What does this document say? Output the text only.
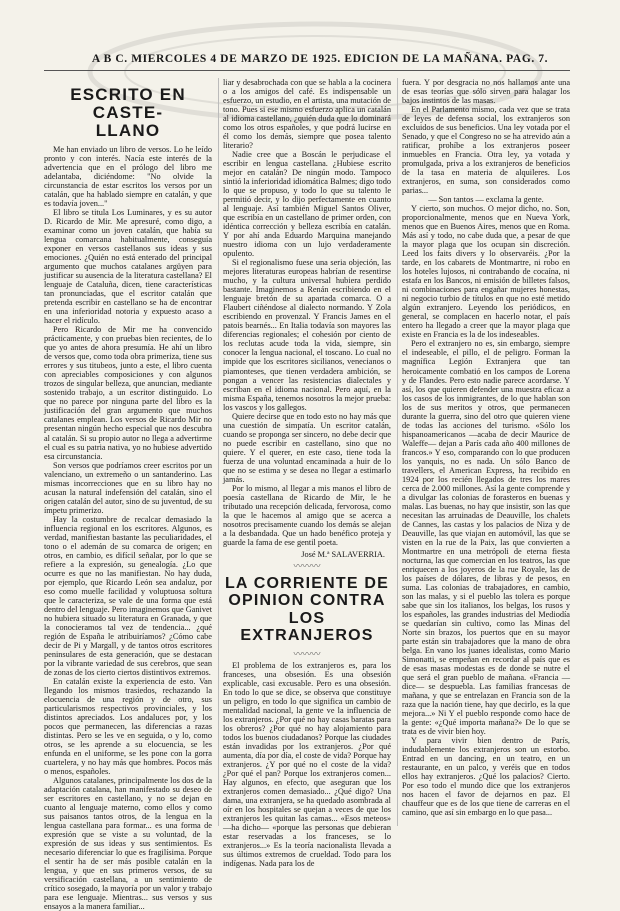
A B C. MIERCOLES 4 DE MARZO DE 1925. EDICION DE LA MAÑANA. PAG. 7.
ESCRITO EN CASTE-
LLANO

Me han enviado un libro de versos. Lo he leído pronto y con interés. Nacía este interés de la advertencia que en el prólogo del libro me adelantaba, diciéndome: "No olvide la circunstancia de estar escritos los versos por un catalán, que ha hablado siempre en catalán, y que es todavía joven..."

El libro se titula Los Luminares, y es su autor D. Ricardo de Mir. Me apresuré, como digo, a examinar como un joven catalán, que había su lengua comarcana habitualmente, conseguía exponer en versos castellanos sus ideas y sus emociones. ¿Quién no está enterado del principal argumento que muchos catalanes argüyen para justificar su ausencia de la literatura castellana? El lenguaje de Cataluña, dicen, tiene características tan pronunciadas, que el escritor catalán que pretenda escribir en castellano se ha de encontrar en una inferioridad notoria y expuesto acaso a hacer el ridículo.

Pero Ricardo de Mir me ha convencido prácticamente, y con pruebas bien recientes, de lo que yo antes de ahora presumía. He ahí un libro de versos que, como toda obra primeriza, tiene sus errores y sus titubeos, junto a este, el libro cuenta con apreciables composiciones y con algunos trozos de singular belleza, que anuncian, mediante sostenido trabajo, a un escritor distinguido. Lo que no parece por ninguna parte del libro es la justificación del gran argumento que muchos catalanes emplean. Los versos de Ricardo Mir no presentan ningún hecho especial que nos descubra al catalán. Si su propio autor no llega a advertirme el cual es su patria nativa, yo no hubiese advertido esa circunstancia.

Son versos que podríamos creer escritos por un valenciano, un extremeño o un santanderino. Las mismas incorrecciones que en su libro hay no acusan la natural indefensión del catalán, sino el origen catalán del autor, sino de su juventud, de su ímpetu primerizo.

Hay la costumbre de recalcar demasiado la influencia regional en los escritores. Algunos, es verdad, manifiestan bastante las peculiaridades, el tono o el ademán de su comarca de origen; en otros, en cambio, es difícil señalar, por lo que se refiere a la expresión, su genealogía. ¿Lo que ocurre es que no las manifiestan. No hay duda, por ejemplo, que Ricardo León sea andaluz, por eso como muelle facilidad y voluptuosa soltura que le caracteriza, se vale de una forma que está dentro del lenguaje. Pero imaginemos que Ganivet no hubiera situado su literatura en Granada, y que la conocieramos tal vez de tendencia... ¿qué región de España le atribuiríamos? ¿Cómo cabe decir de Pi y Margall, y de tantos otros escritores peninsulares de esta generación, que se destacan por la vibrante variedad de sus cerebros, que sean de zonas de los cierto ciertos distintivos extremos.

En catalán existe la experiencia de esto. Van llegando los mismos trasiedos, rechazando la elocuencia de una región y de otro, sus particularismos respectivos provinciales, y los distintos apreciados. Los andaluces por, y los pocos que permanecen, las diferencias a razas distintas. Pero se les ve en seguida, o y lo, como otros, se les aprende a su elocuencia, se les enfunda en el uniforme, se les pone con la gorra cuartelera, y no hay más que hombres. Pocos más o menos, españoles.

Algunos catalanes, principalmente los dos de la adaptación catalana, han manifestado su deseo de ser escritores en castellano, y no se dejan en cuanto al lenguaje materno, como ellos y como sus paisanos tantos otros, de la lengua en la lengua castellana para formar... es una forma de expresión que se viste a su voluntad, de la expresión de sus ideas y sus sentimientos. Es necesario diferenciar lo que es fragilísima. Porque el sentir ha de ser más posible catalán en la lengua, y que en sus primeros versos, de su versificación castellana, a un sentimiento de crítico sosegado, la mayoría por un valor y trabajo para ese lenguaje. Mientras... sus versos y sus ensayos a la manera familiar...

liar y desabrochada con que se habla a la cocinera o a los amigos del café. Es indispensable un esfuerzo, un estudio, en el artista, una mutación de tono. Pues si ese mismo esfuerzo aplica un catalán al idioma castellano, ¿quién duda que lo dominará como los otros españoles, y que podrá lucirse en él como los demás, siempre que posea talento literario?

Nadie cree que a Boscán le perjudicase el escribir en lengua castellana. ¿Hubiese escrito mejor en catalán? De ningún modo. Tampoco sintió la inferioridad idiomática Balmes; digo todo lo que se propuso, y todo lo que su talento le permitió decir, y lo dijo perfectamente en cuanto al lenguaje. Así también Miguel Santos Oliver, que escribía en un castellano de primer orden, con idéntica corrección y belleza escribía en catalán. Y por ahí anda Eduardo Marquina manejando nuestro idioma con un lujo verdaderamente opulento.

Si el regionalismo fuese una seria objeción, las mejores literaturas europeas habrían de resentirse mucho, y la cultura universal hubiera perdido bastante. Imaginemos a Renán escribiendo en el lenguaje bretón de su apartada comarca. O a Flaubert ciñéndose al dialecto normando. Y Zola escribiendo en provenzal. Y Francis James en el patois bearnés... En Italia todavía son mayores las diferencias regionales; el cohesión por ciento de los reclutas acude toda la vida, siempre, sin conocer la lengua nacional, el toscano. Lo cual no impide que los escritores sicilianos, venecianos o piamonteses, que tienen verdadera ambición, se pongan a vencer las resistencias dialectales y escriban en el idioma nacional. Pero aquí, en la misma España, tenemos nosotros la mejor prueba: los vascos y los gallegos.

Quiere decirse que en todo esto no hay más que una cuestión de simpatía. Un escritor catalán, cuando se proponga ser sincero, no debe decir que no puede escribir en castellano, sino que no quiere. Y el querer, en este caso, tiene toda la fuerza de una voluntad encaminada a huir de lo que no se estima y se desea no llegar a estimarlo jamás.

Por lo mismo, al llegar a mis manos el libro de poesía castellana de Ricardo de Mir, le he tributado una recepción delicada, fervorosa, como la que le hacemos al amigo que se acerca a nosotros precisamente cuando los demás se alejan a la desbandada. Que un hado benéfico proteja y guarde la fama de ese gentil poeta.

José M.ª SALAVERRIA.
〰〰〰
LA CORRIENTE DE
OPINION CONTRA LOS
EXTRANJEROS
〰〰〰

El problema de los extranjeros es, para los franceses, una obsesión. Es una obsesión explicable, casi excusable. Pero es una obsesión. En todo lo que se dice, se observa que constituye un peligro, en todo lo que significa un cambio de mentalidad nacional, la gente ve la influencia de los extranjeros. ¿Por qué no hay casas baratas para los obreros? ¿Por qué no hay alojamiento para todos los buenos ciudadanos? Porque las ciudades están invadidas por los extranjeros. ¿Por qué aumenta, día por día, el coste de vida? Porque hay extranjeros. ¿Y por qué no el coste de la vida? ¿Por qué el pan? Porque los extranjeros comen... Hay algunos, en efecto, que aseguran que los extranjeros comen demasiado... ¿Qué digo? Una dama, una extranjera, se ha quedado asombrada al oír en los hospitales se quejan a veces de que los extranjeros les quitan las camas... «Esos meteos» —ha dicho— «porque las personas que debieran estar reservadas a los franceses, se lo extranjeros...» Es la teoría nacionalista llevada a sus últimos extremos de crueldad. Todo para los indígenas. Nada para los de

fuera. Y por desgracia no nos hallamos ante una de esas teorías que sólo sirven para halagar los bajos instintos de las masas.

En el Parlamento mismo, cada vez que se trata de leyes de defensa social, los extranjeros son excluidos de sus beneficios. Una ley votada por el Senado, y que el Congreso no se ha atrevido aún a ratificar, prohíbe a los extranjeros poseer inmuebles en Francia. Otra ley, ya votada y promulgada, priva a los extranjeros de beneficios de la tasa en materia de alquileres. Los extranjeros, en suma, son considerados como parias...

— Son tantos — exclama la gente.

Y cierto, son muchos. O mejor dicho, no. Son, proporcionalmente, menos que en Nueva York, menos que en Buenos Aires, menos que en Roma. Más así y todo, no cabe duda que, a pesar de que la mayor plaga que los ocupan sin discreción. Leed los faits divers y lo observaréis. ¿Por la tarde, en los cabarets de Montmartre, ni robo en los hoteles lujosos, ni contrabando de cocaína, ni estafa en los Bancos, ni emisión de billetes falsos, ni combinaciones para engañar mujeres honestas, ni negocio turbio de títulos en que no esté metido algún extranjero. Leyendo los periódicos, en general, se complacen en hacerlo notar, el país entero ha llegado a creer que la mayor plaga que existe en Francia es la de los indeseables.

Pero el extranjero no es, sin embargo, siempre el indeseable, el pillo, el de peligro. Forman la magnífica Legión Extranjera que tan heroicamente combatió en los campos de Lorena y de Flandes. Pero esto nadie parece acordarse. Y así, los que quieren defender una muestra eficaz a los casos de los inmigrantes, de lo que hablan son los de sus meritos y otros, que permanecen durante la guerra, sino del otro que quieren viene de todas las acciones del turismo. «Sólo los hispanoamericanos —acaba de decir Maurice de Waleffe— dejan a París cada año 400 millones de francos.» Y eso, comparando con lo que producen los yanquis, no es nada. Un sólo Banco de travellers, el American Express, ha recibido en 1924 por los recién llegados de tres los mares cerca de 2.000 millones. Así la gente comprende y a divulgar las colonias de forasteros en buenas y malas. Las buenas, no hay que insistir, son las que necesitan las arruinadas de Deauville, los chalets de Cannes, las castas y los palacios de Niza y de Deauville, las que viajan en automóvil, las que se visten en la rue de la Paix, las que convierten a Montmartre en una metrópoli de eterna fiesta nocturna, las que comercian en los teatros, las que enriquecen a los joyeros de la rue Royale, las de los países de dólares, de libras y de pesos, en suma. Las colonias de trabajadores, en cambio, son las malas, y si el pueblo las tolera es porque sabe que sin los italianos, los belgas, los rusos y los españoles, las grandes industrias del Mediodía se quedarían sin cultivo, como las Minas del Norte sin brazos, los puertos que en su mayor parte están sin trabajadores que la mano de obra belga. En vano los juanes idealistas, como Mario Simonatti, se empeñan en recordar al país que es de esas masas modestas es de donde se nutre el que será el gran pueblo de mañana. «Francia —dice— se despuebla. Las familias francesas de mañana, y que se entrelazan en Francia son de la raza que la nación tiene, hay que decirlo, es la que mejora...» Ni Y el pueblo responde como hace de la gente: «¿Qué importa mañana?» De lo que se trata es de vivir bien hoy.

Y para vivir bien dentro de París, indudablemente los extranjeros son un estorbo. Entrad en un dancing, en un teatro, en un restaurante, en un palco, y veréis que en todos ellos hay extranjeros. ¿Qué los palacios? Cierto. Por eso todo el mundo dice que los extranjeros nos hacen el favor de dejarnos en paz. El chauffeur que es de los que tiene de carreras en el camino, que así sin embargo en lo que pasa...
